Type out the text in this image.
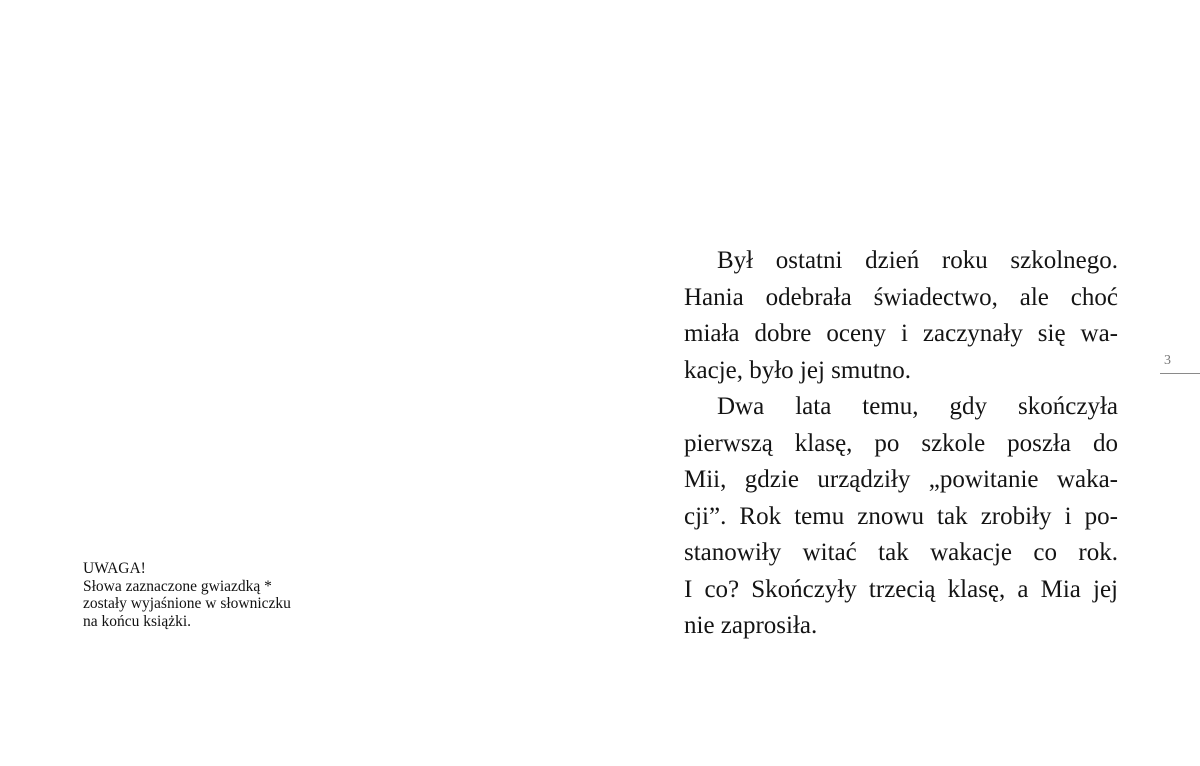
UWAGA!
Słowa zaznaczone gwiazdką *
zostały wyjaśnione w słowniczku
na końcu książki.
Był ostatni dzień roku szkolnego.
Hania odebrała świadectwo, ale choć
miała dobre oceny i zaczynały się wa-
kacje, było jej smutno.
Dwa lata temu, gdy skończyła
pierwszą klasę, po szkole poszła do
Mii, gdzie urządziły „powitanie waka-
cji”. Rok temu znowu tak zrobiły i po-
stanowiły witać tak wakacje co rok.
I co? Skończyły trzecią klasę, a Mia jej
nie zaprosiła.
3
